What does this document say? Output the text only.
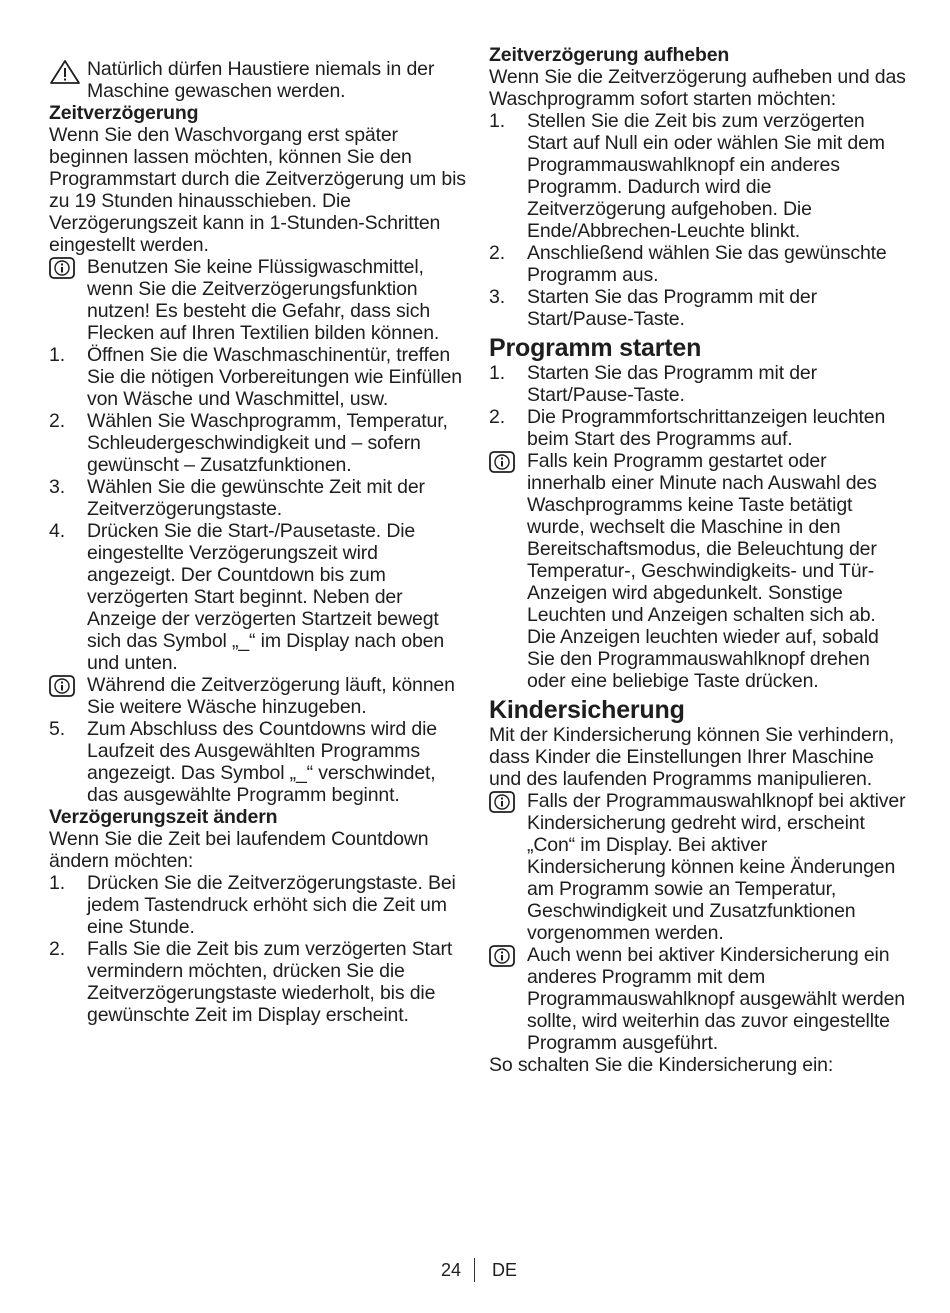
Natürlich dürfen Haustiere niemals in der Maschine gewaschen werden.

Zeitverzögerung

Wenn Sie den Waschvorgang erst später beginnen lassen möchten, können Sie den Programmstart durch die Zeitverzögerung um bis zu 19 Stunden hinausschieben. Die Verzögerungszeit kann in 1-Stunden-Schritten eingestellt werden.

Benutzen Sie keine Flüssigwaschmittel, wenn Sie die Zeitverzögerungsfunktion nutzen! Es besteht die Gefahr, dass sich Flecken auf Ihren Textilien bilden können.
1.	Öffnen Sie die Waschmaschinentür, treffen Sie die nötigen Vorbereitungen wie Einfüllen von Wäsche und Waschmittel, usw.
2.	Wählen Sie Waschprogramm, Temperatur, Schleudergeschwindigkeit und – sofern gewünscht – Zusatzfunktionen.
3.	Wählen Sie die gewünschte Zeit mit der Zeitverzögerungstaste.
4.	Drücken Sie die Start-/Pausetaste. Die eingestellte Verzögerungszeit wird angezeigt. Der Countdown bis zum verzögerten Start beginnt. Neben der Anzeige der verzögerten Startzeit bewegt sich das Symbol „_“ im Display nach oben und unten.
Während die Zeitverzögerung läuft, können Sie weitere Wäsche hinzugeben.
5.	Zum Abschluss des Countdowns wird die Laufzeit des Ausgewählten Programms angezeigt. Das Symbol „_“ verschwindet, das ausgewählte Programm beginnt.

Verzögerungszeit ändern

Wenn Sie die Zeit bei laufendem Countdown ändern möchten:

1.	Drücken Sie die Zeitverzögerungstaste. Bei jedem Tastendruck erhöht sich die Zeit um eine Stunde.
2.	Falls Sie die Zeit bis zum verzögerten Start vermindern möchten, drücken Sie die Zeitverzögerungstaste wiederholt, bis die gewünschte Zeit im Display erscheint.

Zeitverzögerung aufheben

Wenn Sie die Zeitverzögerung aufheben und das Waschprogramm sofort starten möchten:

1.	Stellen Sie die Zeit bis zum verzögerten Start auf Null ein oder wählen Sie mit dem Programmauswahlknopf ein anderes Programm. Dadurch wird die Zeitverzögerung aufgehoben. Die Ende/Abbrechen-Leuchte blinkt.
2.	Anschließend wählen Sie das gewünschte Programm aus.
3.	Starten Sie das Programm mit der Start/Pause-Taste.

Programm starten

1.	Starten Sie das Programm mit der Start/Pause-Taste.
2.	Die Programmfortschrittanzeigen leuchten beim Start des Programms auf.
Falls kein Programm gestartet oder innerhalb einer Minute nach Auswahl des Waschprogramms keine Taste betätigt wurde, wechselt die Maschine in den Bereitschaftsmodus, die Beleuchtung der Temperatur-, Geschwindigkeits- und Tür-Anzeigen wird abgedunkelt. Sonstige Leuchten und Anzeigen schalten sich ab. Die Anzeigen leuchten wieder auf, sobald Sie den Programmauswahlknopf drehen oder eine beliebige Taste drücken.

Kindersicherung

Mit der Kindersicherung können Sie verhindern, dass Kinder die Einstellungen Ihrer Maschine und des laufenden Programms manipulieren.

Falls der Programmauswahlknopf bei aktiver Kindersicherung gedreht wird, erscheint „Con“ im Display. Bei aktiver Kindersicherung können keine Änderungen am Programm sowie an Temperatur, Geschwindigkeit und Zusatzfunktionen vorgenommen werden.
Auch wenn bei aktiver Kindersicherung ein anderes Programm mit dem Programmauswahlknopf ausgewählt werden sollte, wird weiterhin das zuvor eingestellte Programm ausgeführt.

So schalten Sie die Kindersicherung ein:

24 DE
